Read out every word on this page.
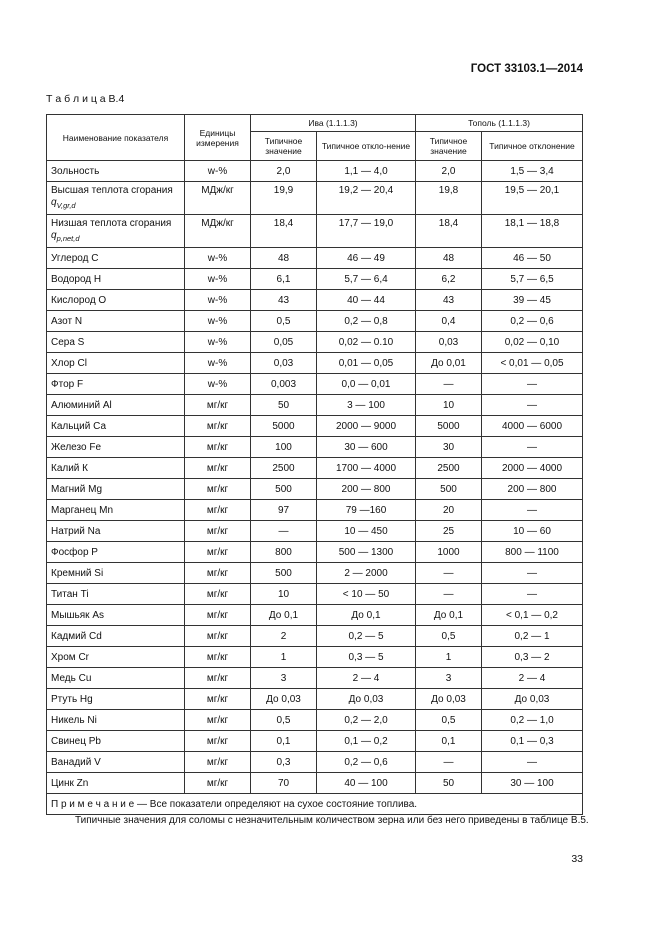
ГОСТ 33103.1—2014
Т а б л и ц а В.4
Наименование показателя	Единицы измерения	Ива (1.1.1.3)		Тополь (1.1.1.3)	
		Типичное значение	Типичное откло-нение	Типичное значение	Типичное отклонение
Зольность	w-%	2,0	1,1 — 4,0	2,0	1,5 — 3,4
Высшая теплота сгорания
$q_{V,gr,d}$	МДж/кг	19,9	19,2 — 20,4	19,8	19,5 — 20,1
Низшая теплота сгорания
$q_{p,net,d}$	МДж/кг	18,4	17,7 — 19,0	18,4	18,1 — 18,8
Углерод С	w-%	48	46 — 49	48	46 — 50
Водород Н	w-%	6,1	5,7 — 6,4	6,2	5,7 — 6,5
Кислород О	w-%	43	40 — 44	43	39 — 45
Азот N	w-%	0,5	0,2 — 0,8	0,4	0,2 — 0,6
Сера S	w-%	0,05	0,02 — 0.10	0,03	0,02 — 0,10
Хлор Cl	w-%	0,03	0,01 — 0,05	До 0,01	< 0,01 — 0,05
Фтор F	w-%	0,003	0,0 — 0,01	—	—
Алюминий Al	мг/кг	50	3 — 100	10	—
Кальций Са	мг/кг	5000	2000 — 9000	5000	4000 — 6000
Железо Fe	мг/кг	100	30 — 600	30	—
Калий К	мг/кг	2500	1700 — 4000	2500	2000 — 4000
Магний Mg	мг/кг	500	200 — 800	500	200 — 800
Марганец Mn	мг/кг	97	79 —160	20	—
Натрий Na	мг/кг	—	10 — 450	25	10 — 60
Фосфор Р	мг/кг	800	500 — 1300	1000	800 — 1100
Кремний Si	мг/кг	500	2 — 2000	—	—
Титан Ti	мг/кг	10	< 10 — 50	—	—
Мышьяк As	мг/кг	До 0,1	До 0,1	До 0,1	< 0,1 — 0,2
Кадмий Cd	мг/кг	2	0,2 — 5	0,5	0,2 — 1
Хром Cr	мг/кг	1	0,3 — 5	1	0,3 — 2
Медь Cu	мг/кг	3	2 — 4	3	2 — 4
Ртуть Hg	мг/кг	До 0,03	До 0,03	До 0,03	До 0,03
Никель Ni	мг/кг	0,5	0,2 — 2,0	0,5	0,2 — 1,0
Свинец Pb	мг/кг	0,1	0,1 — 0,2	0,1	0,1 — 0,3
Ванадий V	мг/кг	0,3	0,2 — 0,6	—	—
Цинк Zn	мг/кг	70	40 — 100	50	30 — 100
П р и м е ч а н и е — Все показатели определяют на сухое состояние топлива.					
Типичные значения для соломы с незначительным количеством зерна или без него приведены в таблице В.5.
33
